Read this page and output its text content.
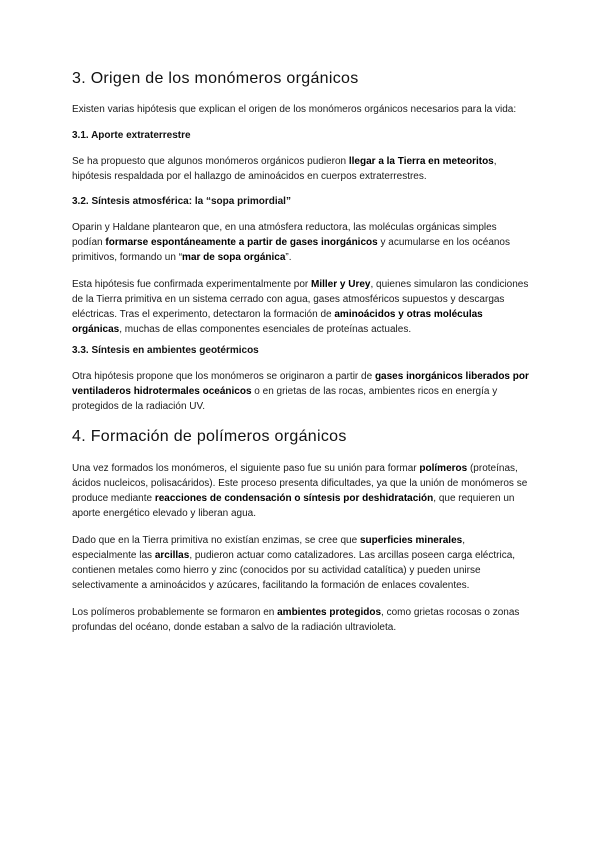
3. Origen de los monómeros orgánicos

Existen varias hipótesis que explican el origen de los monómeros orgánicos necesarios para la vida:

3.1. Aporte extraterrestre

Se ha propuesto que algunos monómeros orgánicos pudieron llegar a la Tierra en meteoritos, hipótesis respaldada por el hallazgo de aminoácidos en cuerpos extraterrestres.

3.2. Síntesis atmosférica: la “sopa primordial”

Oparin y Haldane plantearon que, en una atmósfera reductora, las moléculas orgánicas simples podían formarse espontáneamente a partir de gases inorgánicos y acumularse en los océanos primitivos, formando un “mar de sopa orgánica”.

Esta hipótesis fue confirmada experimentalmente por Miller y Urey, quienes simularon las condiciones de la Tierra primitiva en un sistema cerrado con agua, gases atmosféricos supuestos y descargas eléctricas. Tras el experimento, detectaron la formación de aminoácidos y otras moléculas orgánicas, muchas de ellas componentes esenciales de proteínas actuales.

3.3. Síntesis en ambientes geotérmicos

Otra hipótesis propone que los monómeros se originaron a partir de gases inorgánicos liberados por ventiladeros hidrotermales oceánicos o en grietas de las rocas, ambientes ricos en energía y protegidos de la radiación UV.

4. Formación de polímeros orgánicos

Una vez formados los monómeros, el siguiente paso fue su unión para formar polímeros (proteínas, ácidos nucleicos, polisacáridos). Este proceso presenta dificultades, ya que la unión de monómeros se produce mediante reacciones de condensación o síntesis por deshidratación, que requieren un aporte energético elevado y liberan agua.

Dado que en la Tierra primitiva no existían enzimas, se cree que superficies minerales, especialmente las arcillas, pudieron actuar como catalizadores. Las arcillas poseen carga eléctrica, contienen metales como hierro y zinc (conocidos por su actividad catalítica) y pueden unirse selectivamente a aminoácidos y azúcares, facilitando la formación de enlaces covalentes.

Los polímeros probablemente se formaron en ambientes protegidos, como grietas rocosas o zonas profundas del océano, donde estaban a salvo de la radiación ultravioleta.
